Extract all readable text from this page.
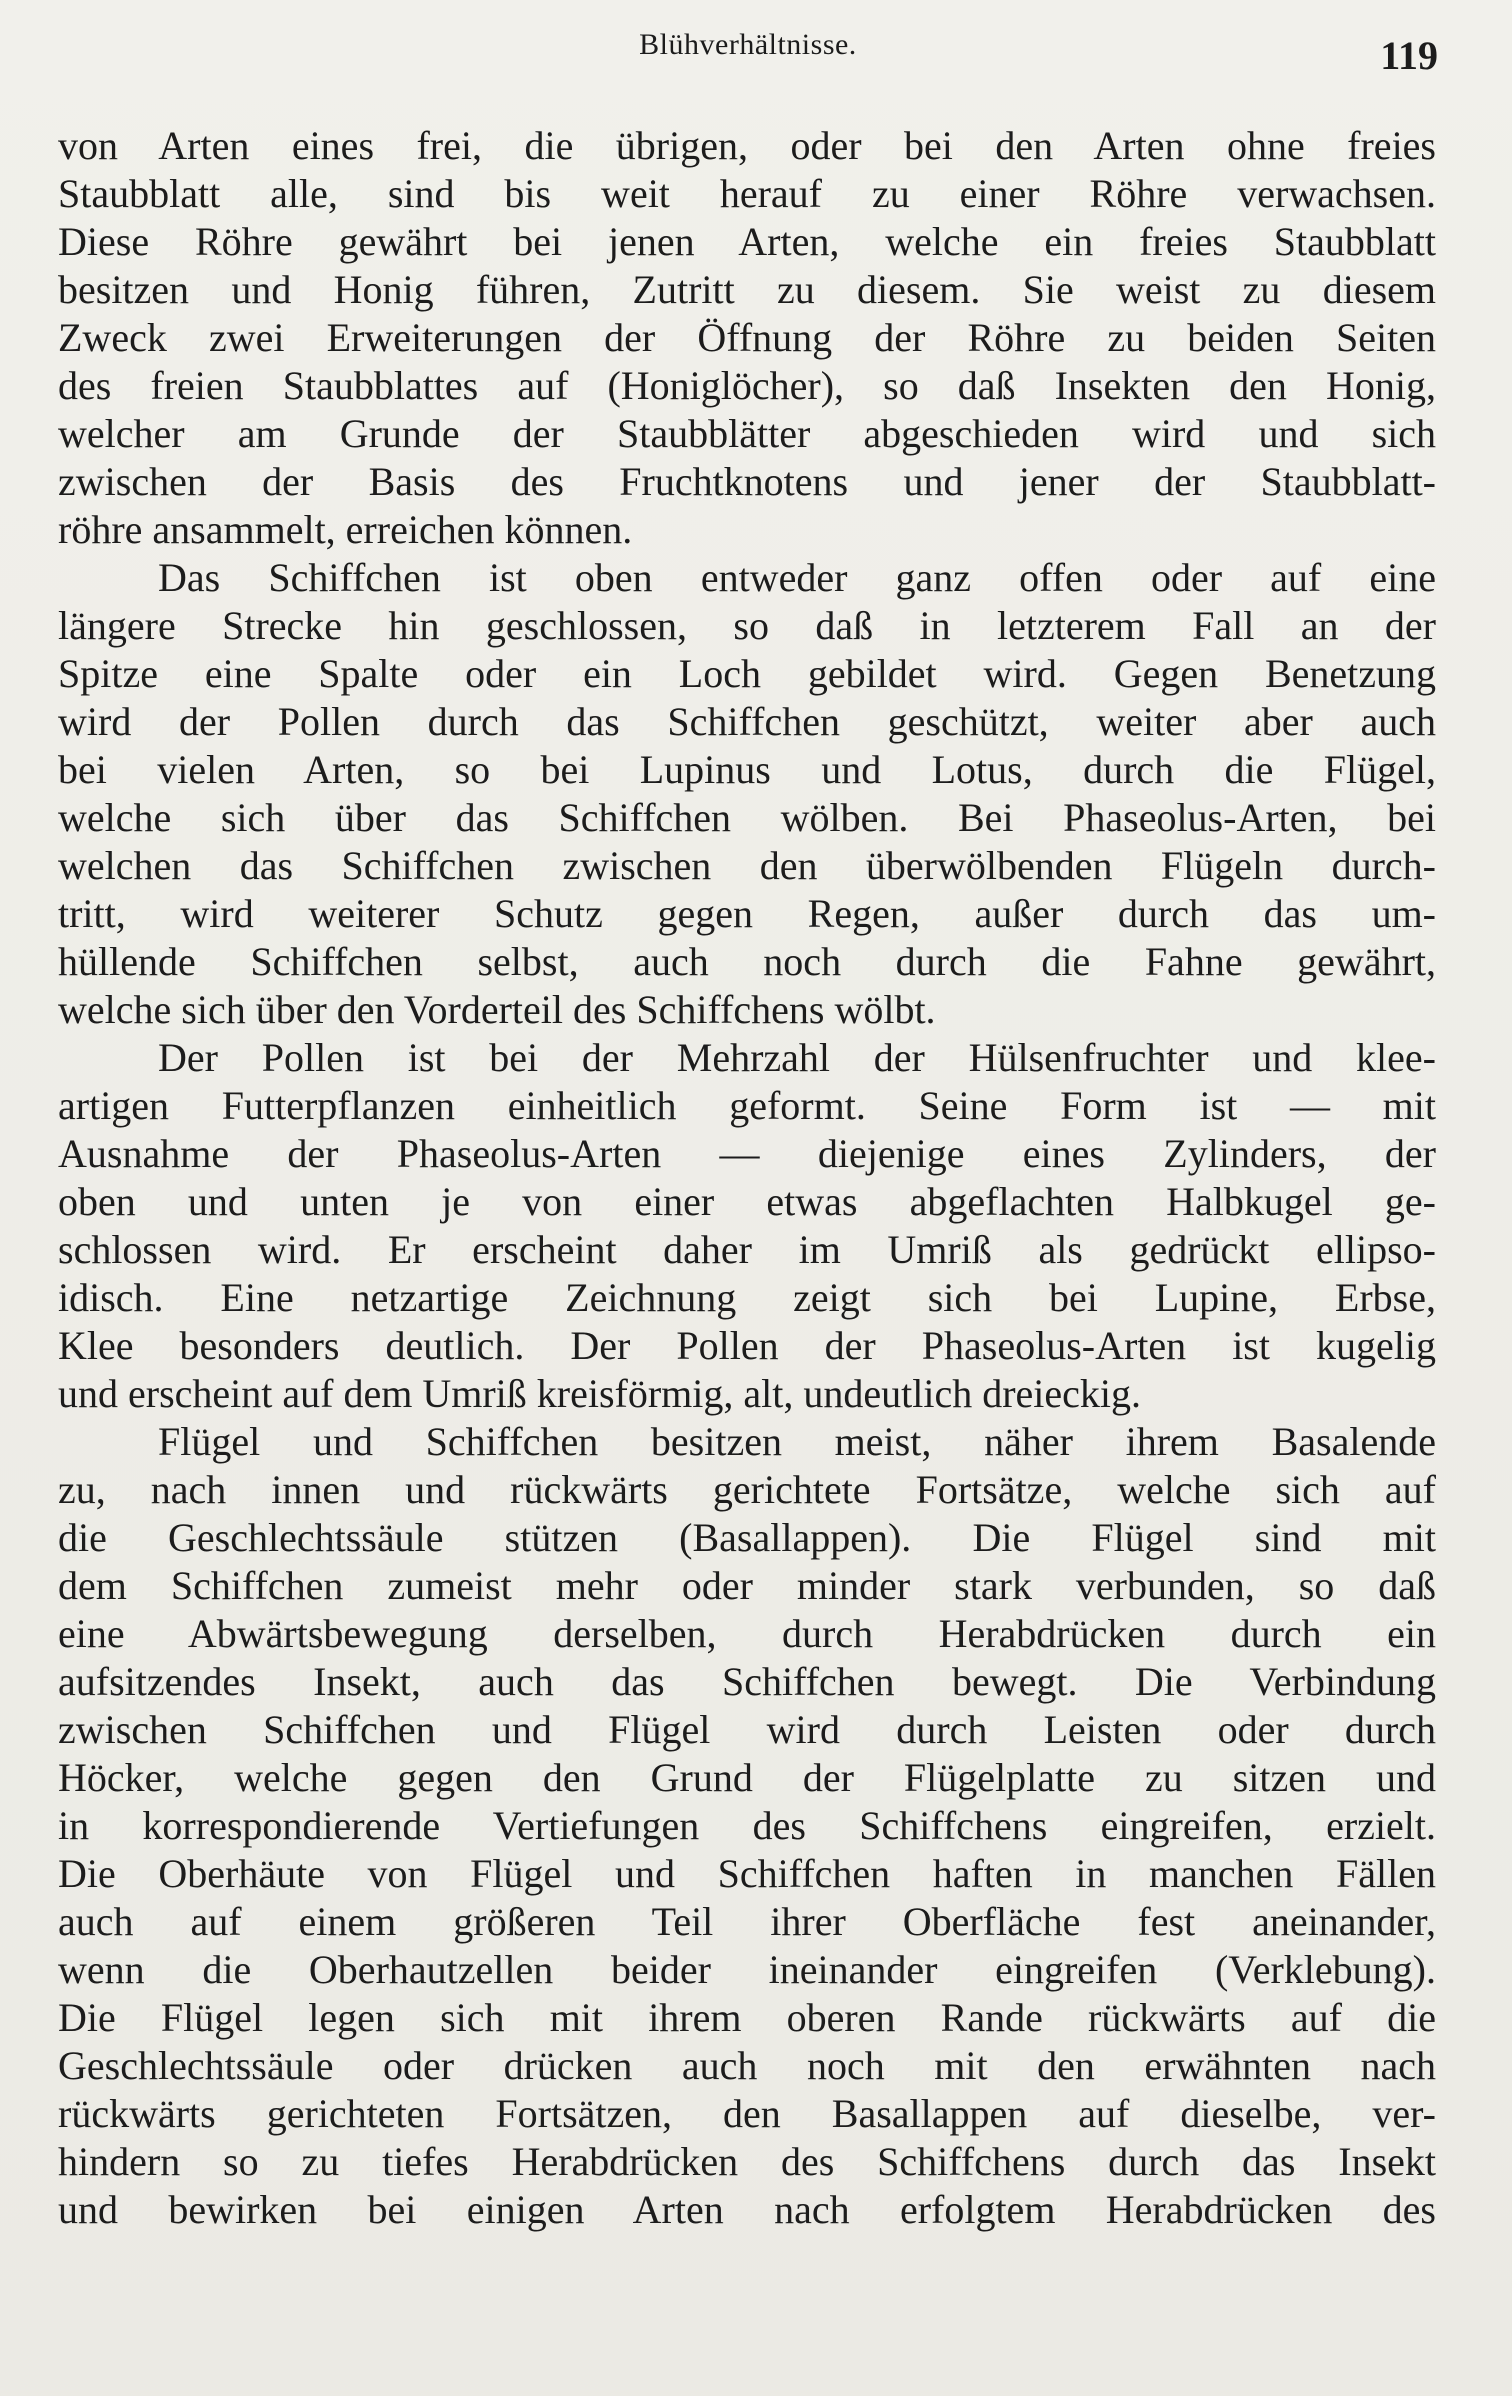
Blühverhältnisse.	119
von Arten eines frei, die übrigen, oder bei den Arten ohne freies
Staubblatt alle, sind bis weit herauf zu einer Röhre verwachsen.
Diese Röhre gewährt bei jenen Arten, welche ein freies Staubblatt
besitzen und Honig führen, Zutritt zu diesem. Sie weist zu diesem
Zweck zwei Erweiterungen der Öffnung der Röhre zu beiden Seiten
des freien Staubblattes auf (Honiglöcher), so daß Insekten den Honig,
welcher am Grunde der Staubblätter abgeschieden wird und sich
zwischen der Basis des Fruchtknotens und jener der Staubblatt-
röhre ansammelt, erreichen können.
Das Schiffchen ist oben entweder ganz offen oder auf eine
längere Strecke hin geschlossen, so daß in letzterem Fall an der
Spitze eine Spalte oder ein Loch gebildet wird. Gegen Benetzung
wird der Pollen durch das Schiffchen geschützt, weiter aber auch
bei vielen Arten, so bei Lupinus und Lotus, durch die Flügel,
welche sich über das Schiffchen wölben. Bei Phaseolus-Arten, bei
welchen das Schiffchen zwischen den überwölbenden Flügeln durch-
tritt, wird weiterer Schutz gegen Regen, außer durch das um-
hüllende Schiffchen selbst, auch noch durch die Fahne gewährt,
welche sich über den Vorderteil des Schiffchens wölbt.
Der Pollen ist bei der Mehrzahl der Hülsenfruchter und klee-
artigen Futterpflanzen einheitlich geformt. Seine Form ist — mit
Ausnahme der Phaseolus-Arten — diejenige eines Zylinders, der
oben und unten je von einer etwas abgeflachten Halbkugel ge-
schlossen wird. Er erscheint daher im Umriß als gedrückt ellipso-
idisch. Eine netzartige Zeichnung zeigt sich bei Lupine, Erbse,
Klee besonders deutlich. Der Pollen der Phaseolus-Arten ist kugelig
und erscheint auf dem Umriß kreisförmig, alt, undeutlich dreieckig.
Flügel und Schiffchen besitzen meist, näher ihrem Basalende
zu, nach innen und rückwärts gerichtete Fortsätze, welche sich auf
die Geschlechtssäule stützen (Basallappen). Die Flügel sind mit
dem Schiffchen zumeist mehr oder minder stark verbunden, so daß
eine Abwärtsbewegung derselben, durch Herabdrücken durch ein
aufsitzendes Insekt, auch das Schiffchen bewegt. Die Verbindung
zwischen Schiffchen und Flügel wird durch Leisten oder durch
Höcker, welche gegen den Grund der Flügelplatte zu sitzen und
in korrespondierende Vertiefungen des Schiffchens eingreifen, erzielt.
Die Oberhäute von Flügel und Schiffchen haften in manchen Fällen
auch auf einem größeren Teil ihrer Oberfläche fest aneinander,
wenn die Oberhautzellen beider ineinander eingreifen (Verklebung).
Die Flügel legen sich mit ihrem oberen Rande rückwärts auf die
Geschlechtssäule oder drücken auch noch mit den erwähnten nach
rückwärts gerichteten Fortsätzen, den Basallappen auf dieselbe, ver-
hindern so zu tiefes Herabdrücken des Schiffchens durch das Insekt
und bewirken bei einigen Arten nach erfolgtem Herabdrücken des
